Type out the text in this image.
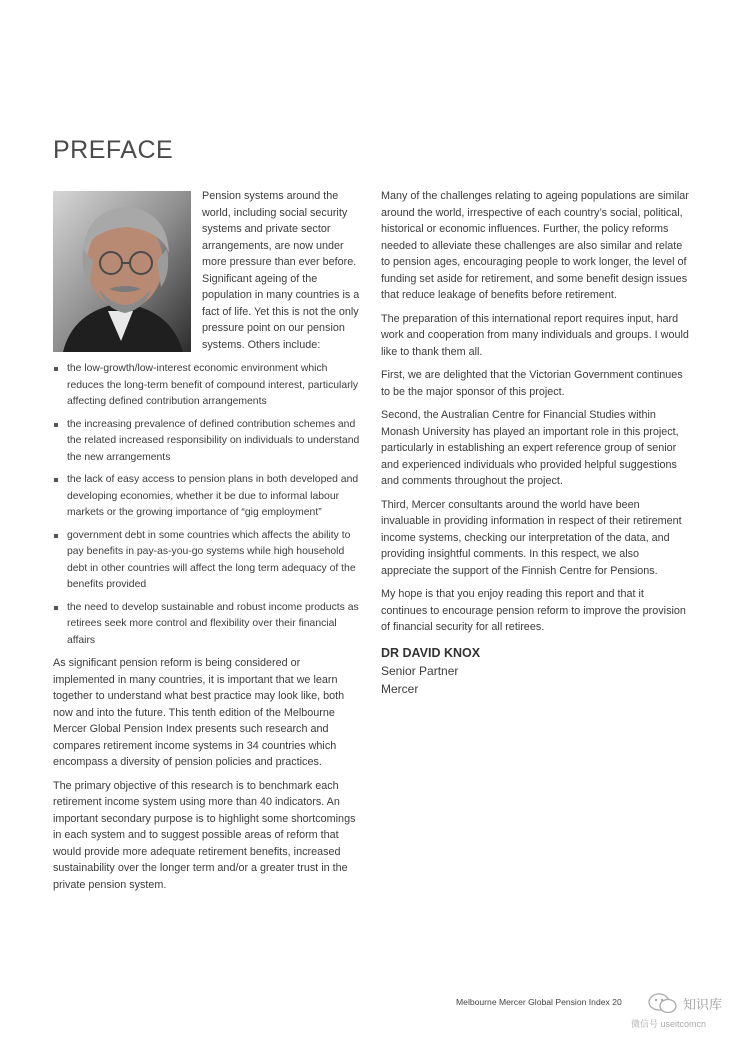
PREFACE

Pension systems around the world, including social security systems and private sector arrangements, are now under more pressure than ever before. Significant ageing of the population in many countries is a fact of life. Yet this is not the only pressure point on our pension systems. Others include:

the low-growth/low-interest economic environment which reduces the long-term benefit of compound interest, particularly affecting defined contribution arrangements
the increasing prevalence of defined contribution schemes and the related increased responsibility on individuals to understand the new arrangements
the lack of easy access to pension plans in both developed and developing economies, whether it be due to informal labour markets or the growing importance of “gig employment”
government debt in some countries which affects the ability to pay benefits in pay-as-you-go systems while high household debt in other countries will affect the long term adequacy of the benefits provided
the need to develop sustainable and robust income products as retirees seek more control and flexibility over their financial affairs

As significant pension reform is being considered or implemented in many countries, it is important that we learn together to understand what best practice may look like, both now and into the future. This tenth edition of the Melbourne Mercer Global Pension Index presents such research and compares retirement income systems in 34 countries which encompass a diversity of pension policies and practices.

The primary objective of this research is to benchmark each retirement income system using more than 40 indicators. An important secondary purpose is to highlight some shortcomings in each system and to suggest possible areas of reform that would provide more adequate retirement benefits, increased sustainability over the longer term and/or a greater trust in the private pension system.

Many of the challenges relating to ageing populations are similar around the world, irrespective of each country’s social, political, historical or economic influences. Further, the policy reforms needed to alleviate these challenges are also similar and relate to pension ages, encouraging people to work longer, the level of funding set aside for retirement, and some benefit design issues that reduce leakage of benefits before retirement.

The preparation of this international report requires input, hard work and cooperation from many individuals and groups. I would like to thank them all.

First, we are delighted that the Victorian Government continues to be the major sponsor of this project.

Second, the Australian Centre for Financial Studies within Monash University has played an important role in this project, particularly in establishing an expert reference group of senior and experienced individuals who provided helpful suggestions and comments throughout the project.

Third, Mercer consultants around the world have been invaluable in providing information in respect of their retirement income systems, checking our interpretation of the data, and providing insightful comments. In this respect, we also appreciate the support of the Finnish Centre for Pensions.

My hope is that you enjoy reading this report and that it continues to encourage pension reform to improve the provision of financial security for all retirees.

DR DAVID KNOX

Senior Partner

Mercer

Melbourne Mercer Global Pension Index 20	知识库
微信号 useitcomcn
